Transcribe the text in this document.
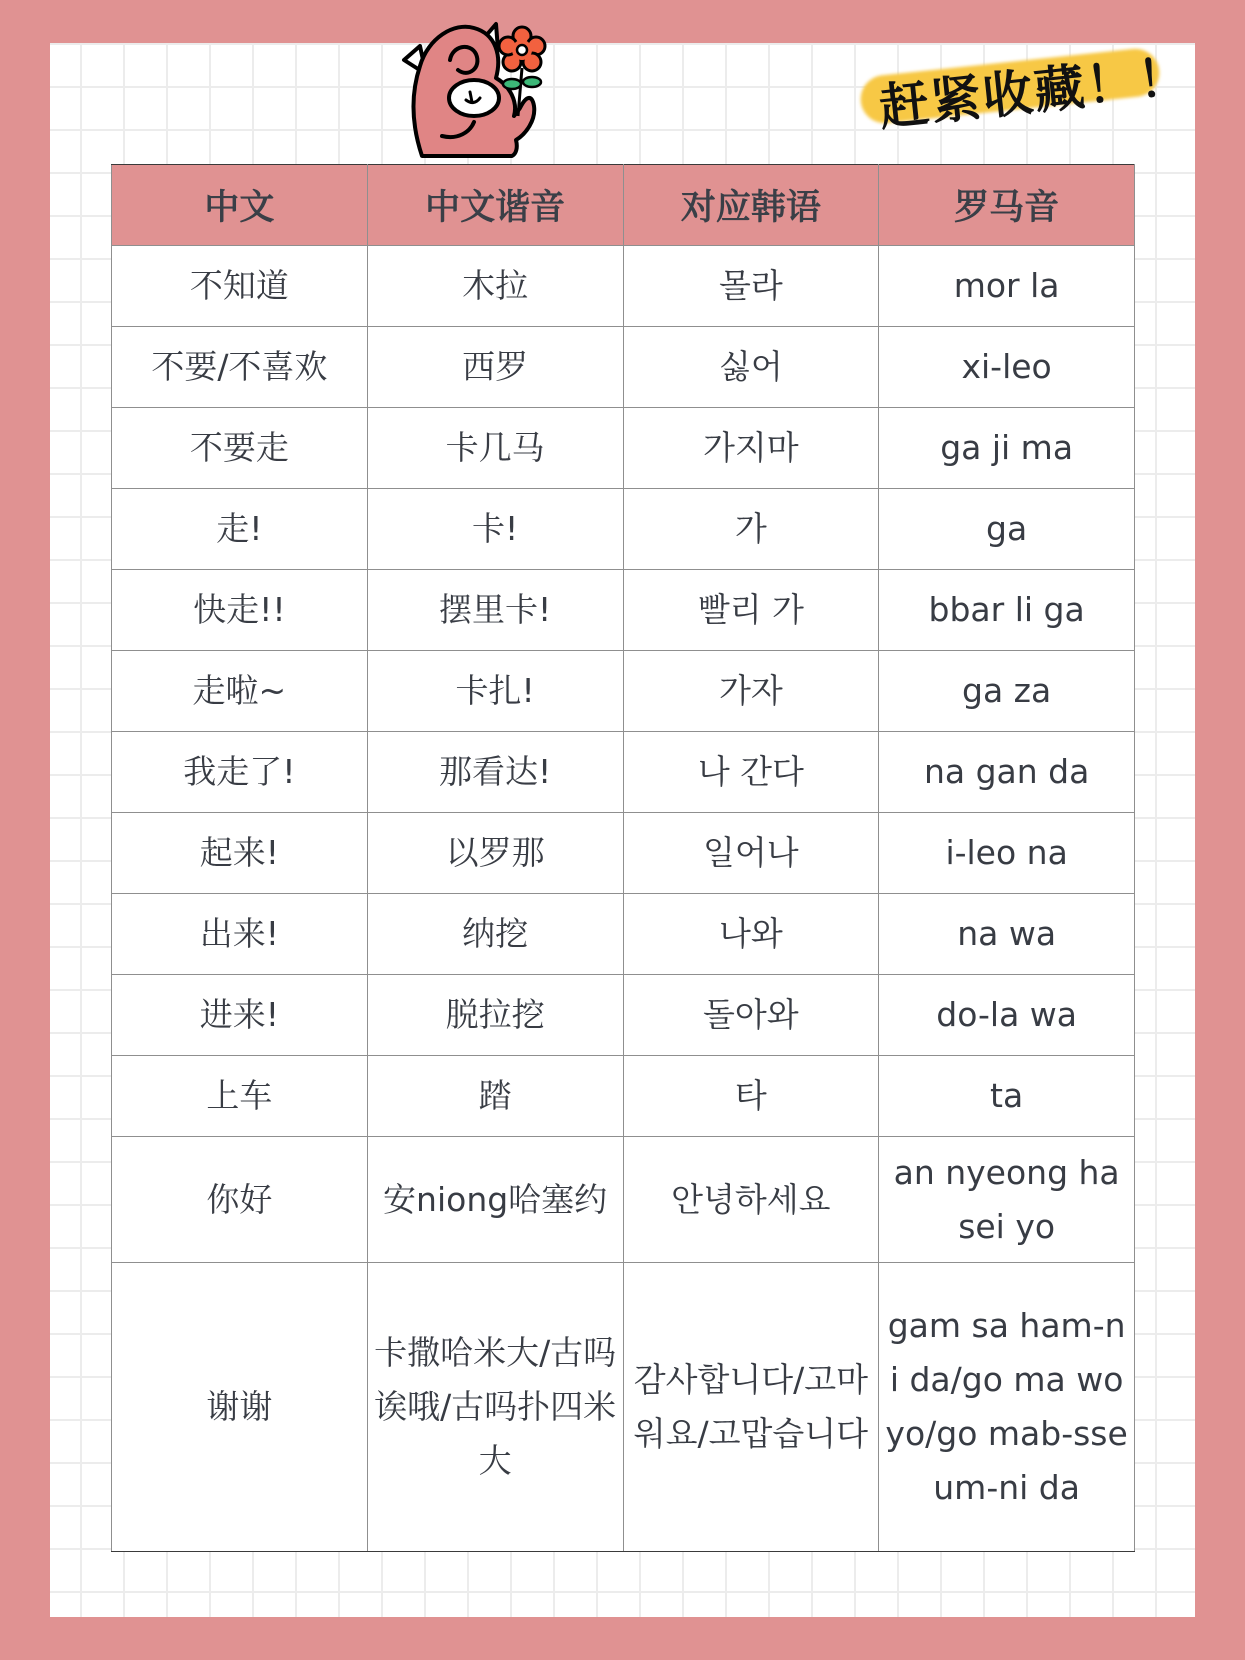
赶紧收藏！！
中文	中文谐音	对应韩语	罗马音
不知道	木拉	몰라	mor la
不要/不喜欢	西罗	싫어	xi-leo
不要走	卡几马	가지마	ga ji ma
走!	卡!	가	ga
快走!!	摆里卡!	빨리 가	bbar li ga
走啦~	卡扎!	가자	ga za
我走了!	那看达!	나 간다	na gan da
起来!	以罗那	일어나	i-leo na
出来!	纳挖	나와	na wa
进来!	脱拉挖	돌아와	do-la wa
上车	踏	타	ta
你好	安niong哈塞约	안녕하세요	an nyeong ha sei yo
谢谢	卡撒哈米大/古吗诶哦/古吗扑四米大	감사합니다/고마워요/고맙습니다	gam sa ham-ni da/go ma wo yo/go mab-sseum-ni da
